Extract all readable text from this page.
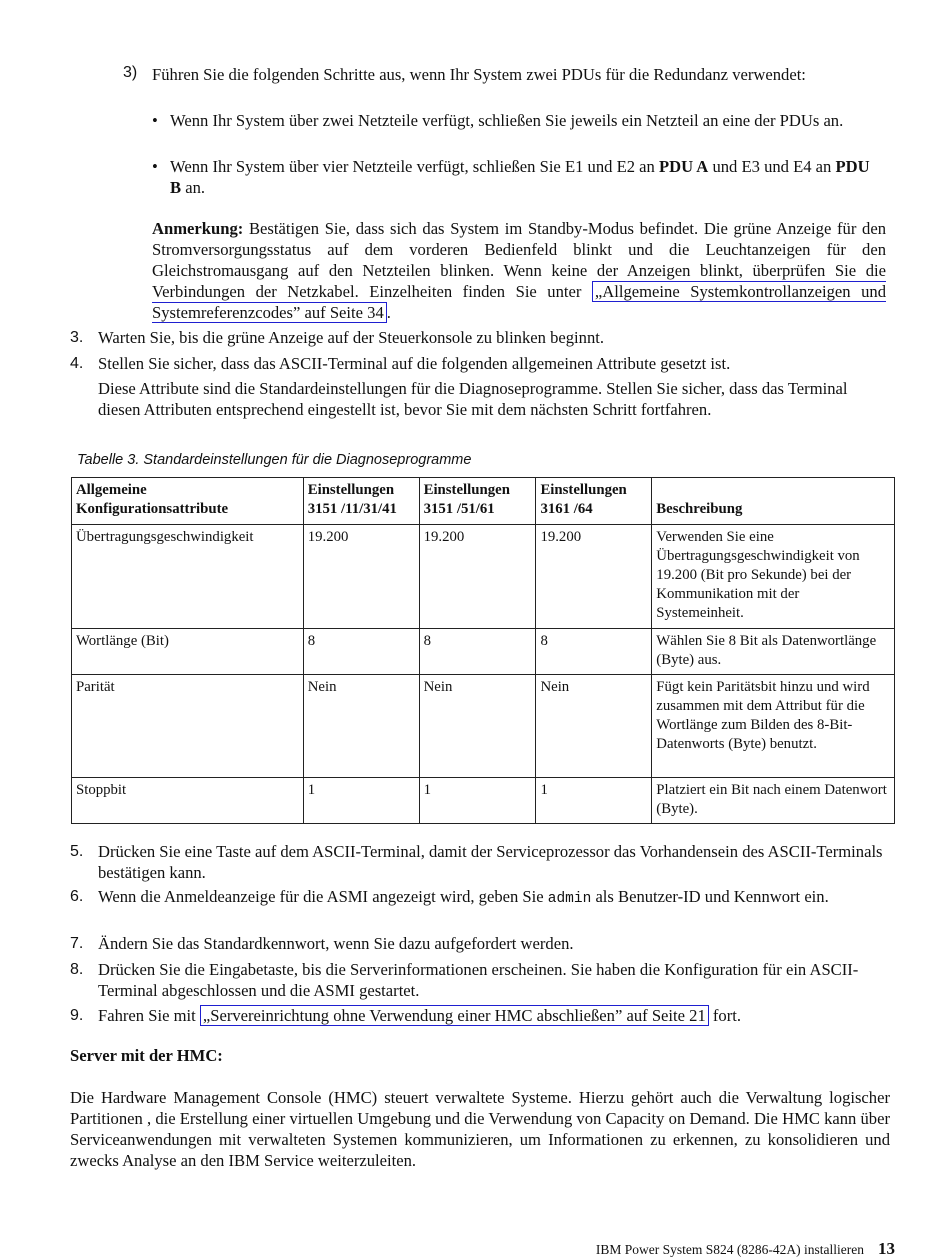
3) Führen Sie die folgenden Schritte aus, wenn Ihr System zwei PDUs für die Redundanz verwendet:
• Wenn Ihr System über zwei Netzteile verfügt, schließen Sie jeweils ein Netzteil an eine der PDUs an.
• Wenn Ihr System über vier Netzteile verfügt, schließen Sie E1 und E2 an PDU A und E3 und E4 an PDU B an.
Anmerkung: Bestätigen Sie, dass sich das System im Standby-Modus befindet. Die grüne Anzeige für den Stromversorgungsstatus auf dem vorderen Bedienfeld blinkt und die Leuchtanzeigen für den Gleichstromausgang auf den Netzteilen blinken. Wenn keine der Anzeigen blinkt, überprüfen Sie die Verbindungen der Netzkabel. Einzelheiten finden Sie unter „Allgemeine Systemkontrollanzeigen und Systemreferenzcodes” auf Seite 34 .
3. Warten Sie, bis die grüne Anzeige auf der Steuerkonsole zu blinken beginnt.
4. Stellen Sie sicher, dass das ASCII-Terminal auf die folgenden allgemeinen Attribute gesetzt ist.
Diese Attribute sind die Standardeinstellungen für die Diagnoseprogramme. Stellen Sie sicher, dass das Terminal diesen Attributen entsprechend eingestellt ist, bevor Sie mit dem nächsten Schritt fortfahren.
Tabelle 3. Standardeinstellungen für die Diagnoseprogramme
Allgemeine Konfigurationsattribute	Einstellungen 3151 /11/31/41	Einstellungen 3151 /51/61	Einstellungen 3161 /64	Beschreibung
Übertragungsgeschwindigkeit	19.200	19.200	19.200	Verwenden Sie eine Übertragungsgeschwindigkeit von 19.200 (Bit pro Sekunde) bei der Kommunikation mit der Systemeinheit.
Wortlänge (Bit)	8	8	8	Wählen Sie 8 Bit als Datenwortlänge (Byte) aus.
Parität	Nein	Nein	Nein	Fügt kein Paritätsbit hinzu und wird zusammen mit dem Attribut für die Wortlänge zum Bilden des 8-Bit-Datenworts (Byte) benutzt.
Stoppbit	1	1	1	Platziert ein Bit nach einem Datenwort (Byte).
5. Drücken Sie eine Taste auf dem ASCII-Terminal, damit der Serviceprozessor das Vorhandensein des ASCII-Terminals bestätigen kann.
6. Wenn die Anmeldeanzeige für die ASMI angezeigt wird, geben Sie admin als Benutzer-ID und Kennwort ein.
7. Ändern Sie das Standardkennwort, wenn Sie dazu aufgefordert werden.
8. Drücken Sie die Eingabetaste, bis die Serverinformationen erscheinen. Sie haben die Konfiguration für ein ASCII-Terminal abgeschlossen und die ASMI gestartet.
9. Fahren Sie mit „Servereinrichtung ohne Verwendung einer HMC abschließen” auf Seite 21 fort.
Server mit der HMC:
Die Hardware Management Console (HMC) steuert verwaltete Systeme. Hierzu gehört auch die Verwaltung logischer Partitionen , die Erstellung einer virtuellen Umgebung und die Verwendung von Capacity on Demand. Die HMC kann über Serviceanwendungen mit verwalteten Systemen kommunizieren, um Informationen zu erkennen, zu konsolidieren und zwecks Analyse an den IBM Service weiterzuleiten.
IBM Power System S824 (8286-42A) installieren 13
